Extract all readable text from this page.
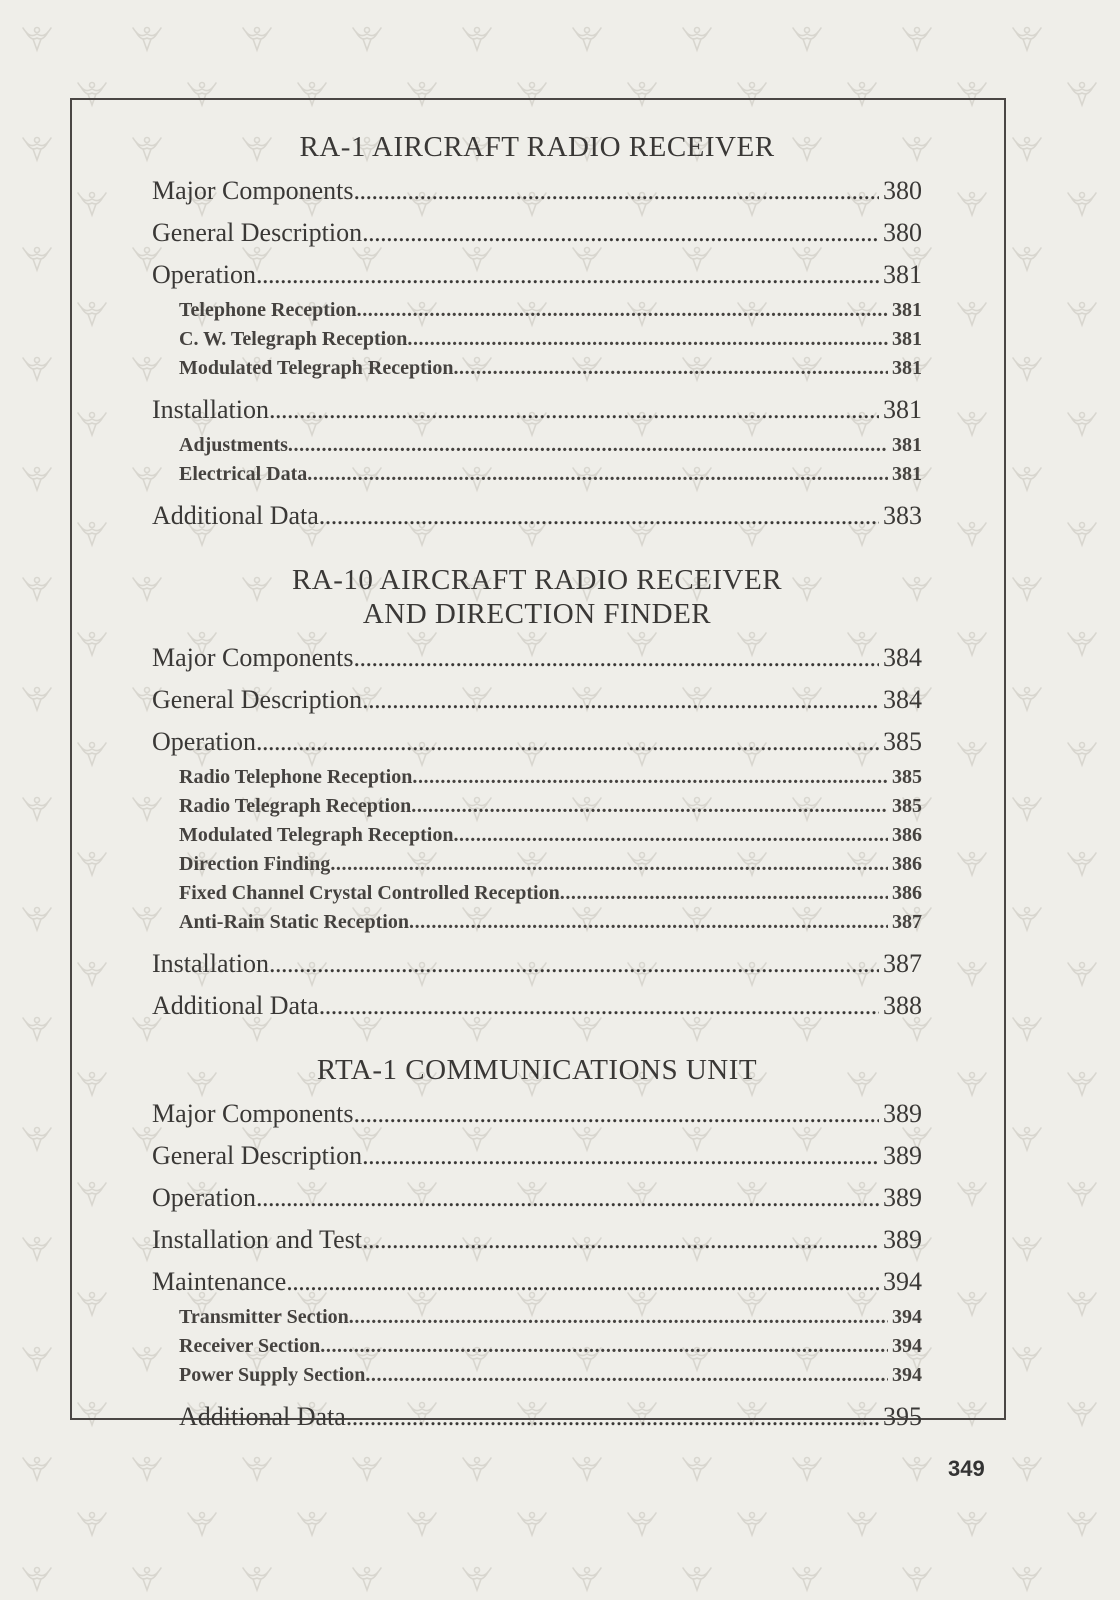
RA-1 AIRCRAFT RADIO RECEIVER
Major Components . . .	380
General Description . . .	380
Operation . . .	381
Telephone Reception . . .	381
C. W. Telegraph Reception . . .	381
Modulated Telegraph Reception . . .	381
Installation . . .	381
Adjustments . . .	381
Electrical Data . . .	381
Additional Data . . .	383
RA-10 AIRCRAFT RADIO RECEIVER
AND DIRECTION FINDER
Major Components . . .	384
General Description . . .	384
Operation . . .	385
Radio Telephone Reception . . .	385
Radio Telegraph Reception . . .	385
Modulated Telegraph Reception . . .	386
Direction Finding . . .	386
Fixed Channel Crystal Controlled Reception . . .	386
Anti-Rain Static Reception . . .	387
Installation . . .	387
Additional Data . . .	388
RTA-1 COMMUNICATIONS UNIT
Major Components . . .	389
General Description . . .	389
Operation . . .	389
Installation and Test . . .	389
Maintenance . . .	394
Transmitter Section . . .	394
Receiver Section . . .	394
Power Supply Section . . .	394
Additional Data . . .	395
349
